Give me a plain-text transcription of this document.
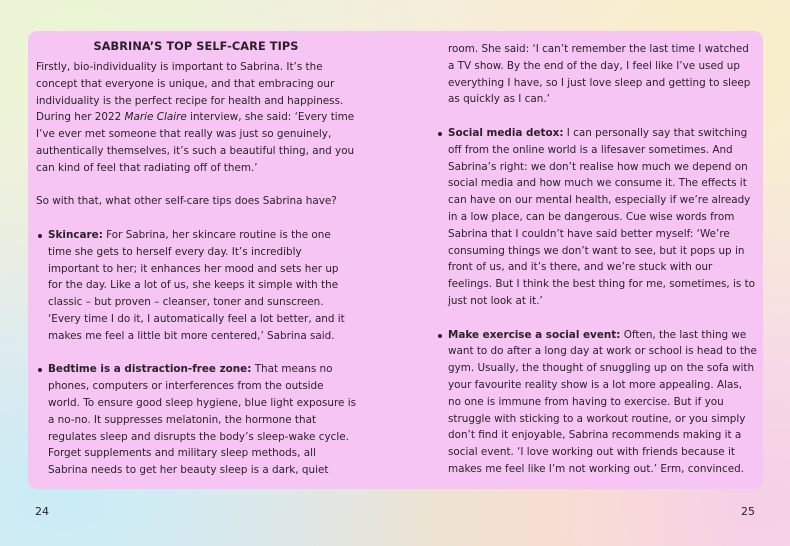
SABRINA’S TOP SELF-CARE TIPS

Firstly, bio-individuality is important to Sabrina. It’s the concept that everyone is unique, and that embracing our individuality is the perfect recipe for health and happiness. During her 2022 Marie Claire interview, she said: ‘Every time I’ve ever met someone that really was just so genuinely, authentically themselves, it’s such a beautiful thing, and you can kind of feel that radiating off of them.’

So with that, what other self-care tips does Sabrina have?

Skincare: For Sabrina, her skincare routine is the one time she gets to herself every day. It’s incredibly important to her; it enhances her mood and sets her up for the day. Like a lot of us, she keeps it simple with the classic – but proven – cleanser, toner and sunscreen. ‘Every time I do it, I automatically feel a lot better, and it makes me feel a little bit more centered,’ Sabrina said.
Bedtime is a distraction-free zone: That means no phones, computers or interferences from the outside world. To ensure good sleep hygiene, blue light exposure is a no-no. It suppresses melatonin, the hormone that regulates sleep and disrupts the body’s sleep-wake cycle. Forget supplements and military sleep methods, all Sabrina needs to get her beauty sleep is a dark, quiet

room. She said: ‘I can’t remember the last time I watched a TV show. By the end of the day, I feel like I’ve used up everything I have, so I just love sleep and getting to sleep as quickly as I can.’

Social media detox: I can personally say that switching off from the online world is a lifesaver sometimes. And Sabrina’s right: we don’t realise how much we depend on social media and how much we consume it. The effects it can have on our mental health, especially if we’re already in a low place, can be dangerous. Cue wise words from Sabrina that I couldn’t have said better myself: ‘We’re consuming things we don’t want to see, but it pops up in front of us, and it’s there, and we’re stuck with our feelings. But I think the best thing for me, sometimes, is to just not look at it.’
Make exercise a social event: Often, the last thing we want to do after a long day at work or school is head to the gym. Usually, the thought of snuggling up on the sofa with your favourite reality show is a lot more appealing. Alas, no one is immune from having to exercise. But if you struggle with sticking to a workout routine, or you simply don’t find it enjoyable, Sabrina recommends making it a social event. ‘I love working out with friends because it makes me feel like I’m not working out.’ Erm, convinced.
24	25
